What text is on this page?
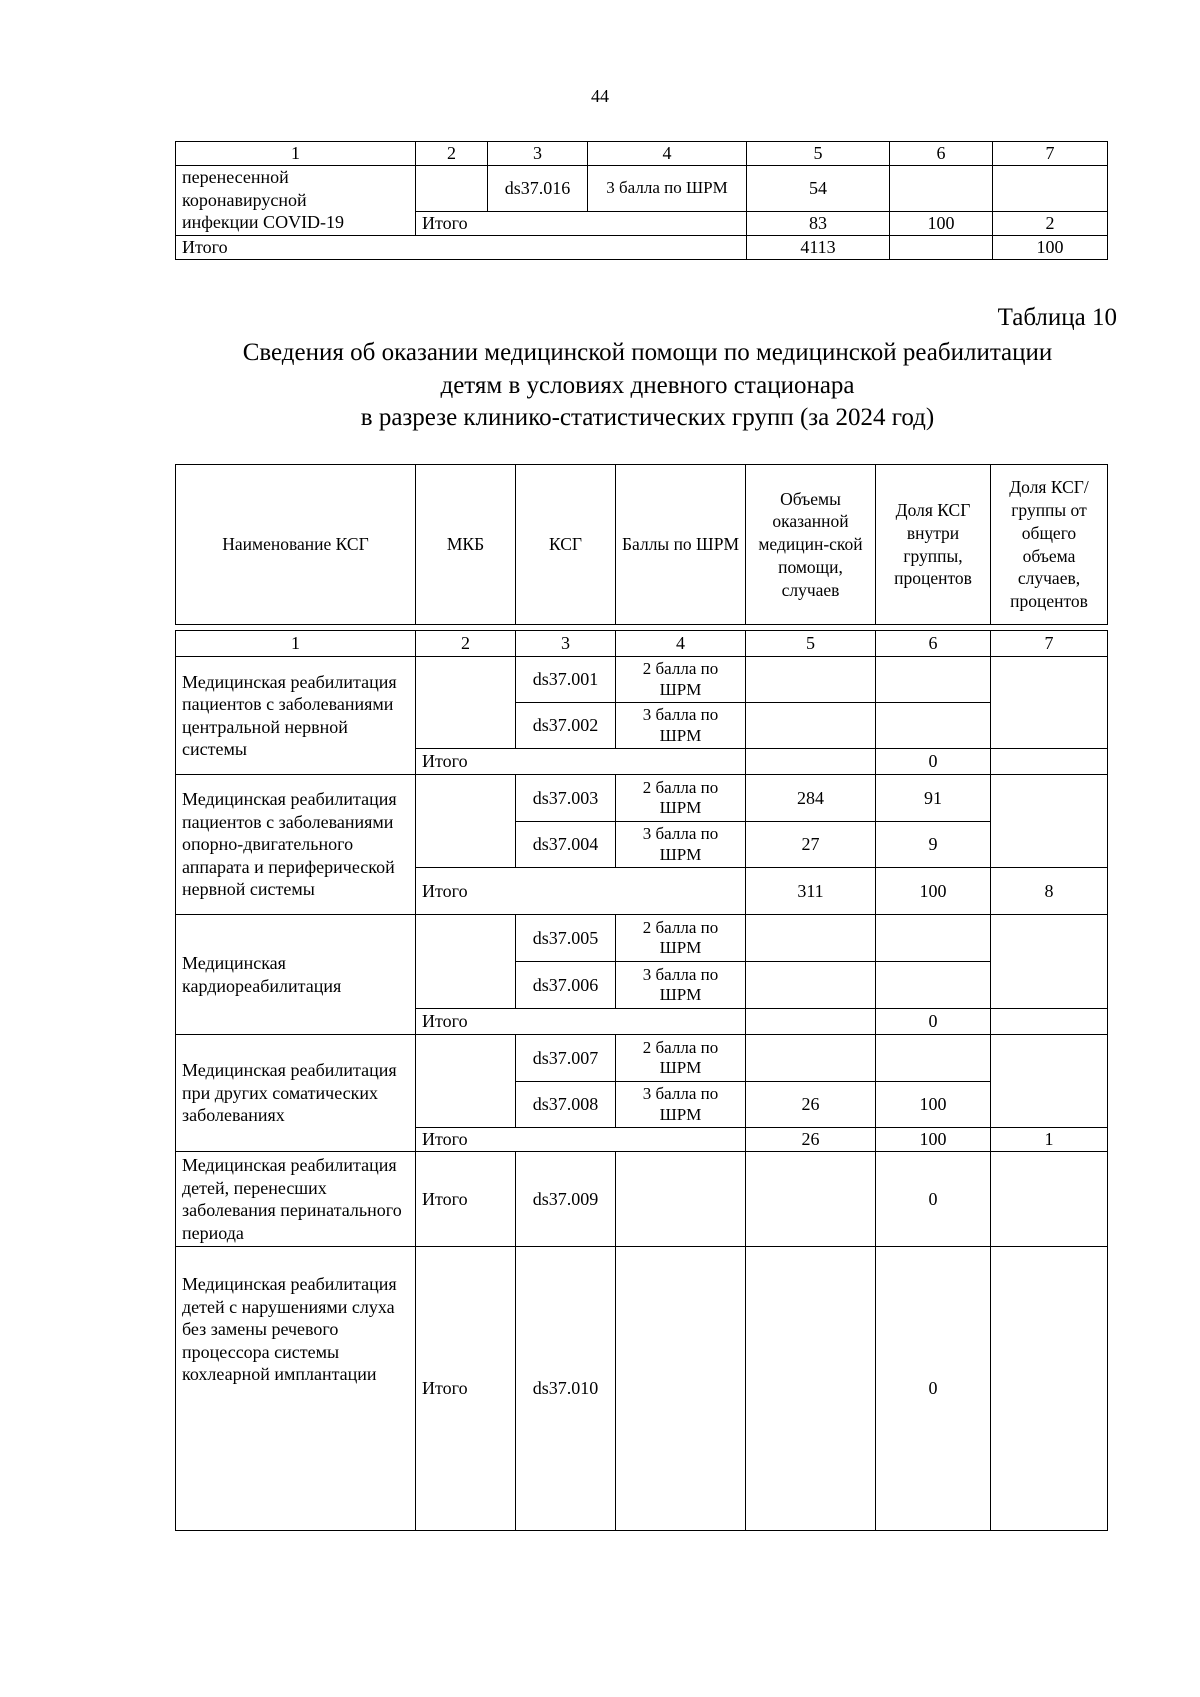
44
1	2	3	4	5	6	7

перенесенной
коронавирусной
инфекции COVID-19		ds37.016	3 балла по ШРМ	54		
	Итого			83	100	2
Итого				4113		100
Таблица 10
Сведения об оказании медицинской помощи по медицинской реабилитации
детям в условиях дневного стационара
в разрезе клинико-статистических групп (за 2024 год)
Наименование КСГ	МКБ	КСГ	Баллы по ШРМ	Объемы оказанной медицин-ской помощи, случаев	Доля КСГ внутри группы, процентов	Доля КСГ/ группы от общего объема случаев, процентов
1	2	3	4	5	6	7
Медицинская реабилитация пациентов с заболеваниями центральной нервной системы		ds37.001	2 балла по ШРМ			
		ds37.002	3 балла по ШРМ			
	Итого				0	
Медицинская реабилитация пациентов с заболеваниями опорно-двигательного аппарата и периферической нервной системы		ds37.003	2 балла по ШРМ	284	91	
		ds37.004	3 балла по ШРМ	27	9	
	Итого			311	100	8
Медицинская кардиореабилитация		ds37.005	2 балла по ШРМ			
		ds37.006	3 балла по ШРМ			
	Итого				0	
Медицинская реабилитация при других соматических заболеваниях		ds37.007	2 балла по ШРМ			
		ds37.008	3 балла по ШРМ	26	100	
	Итого			26	100	1
Медицинская реабилитация детей, перенесших заболевания перинатального периода	Итого	ds37.009			0	
Медицинская реабилитация детей с нарушениями слуха без замены речевого процессора системы кохлеарной имплантации	Итого	ds37.010			0	
